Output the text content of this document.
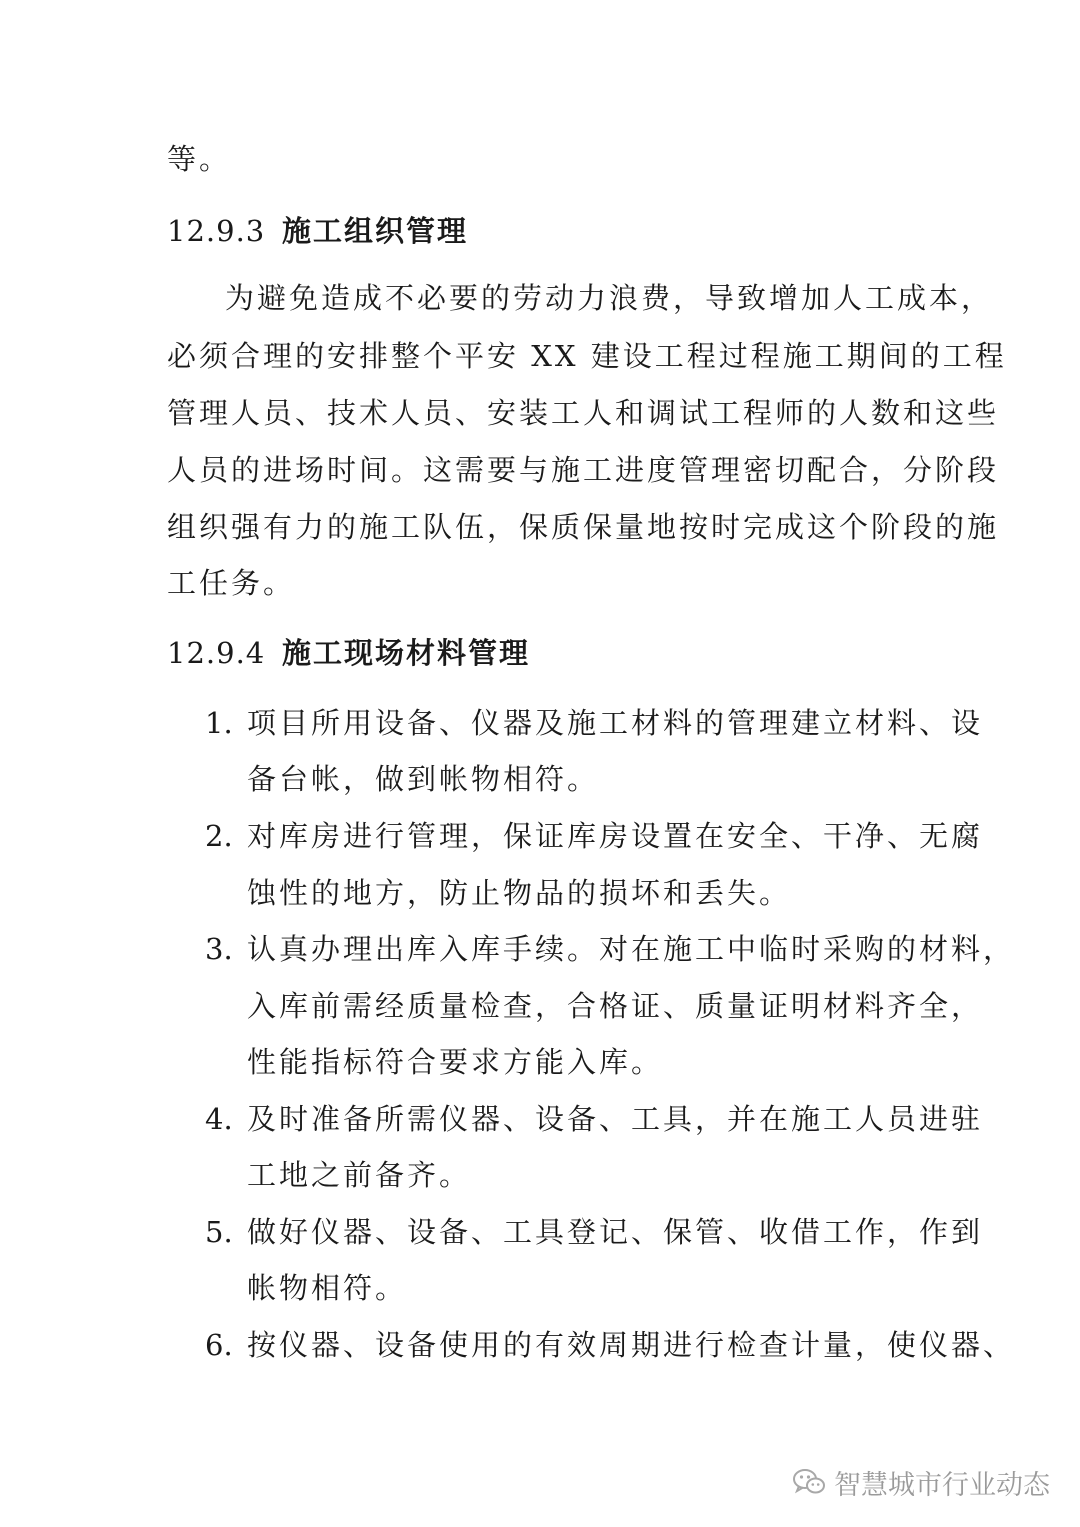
等。
12.9.3 施工组织管理
为避免造成不必要的劳动力浪费，导致增加人工成本，
必须合理的安排整个平安 XX 建设工程过程施工期间的工程
管理人员、技术人员、安装工人和调试工程师的人数和这些
人员的进场时间。这需要与施工进度管理密切配合，分阶段
组织强有力的施工队伍，保质保量地按时完成这个阶段的施
工任务。
12.9.4 施工现场材料管理
1. 项目所用设备、仪器及施工材料的管理建立材料、设
备台帐，做到帐物相符。
2. 对库房进行管理，保证库房设置在安全、干净、无腐
蚀性的地方，防止物品的损坏和丢失。
3. 认真办理出库入库手续。对在施工中临时采购的材料，
入库前需经质量检查，合格证、质量证明材料齐全，
性能指标符合要求方能入库。
4. 及时准备所需仪器、设备、工具，并在施工人员进驻
工地之前备齐。
5. 做好仪器、设备、工具登记、保管、收借工作，作到
帐物相符。
6. 按仪器、设备使用的有效周期进行检查计量，使仪器、
智慧城市行业动态
